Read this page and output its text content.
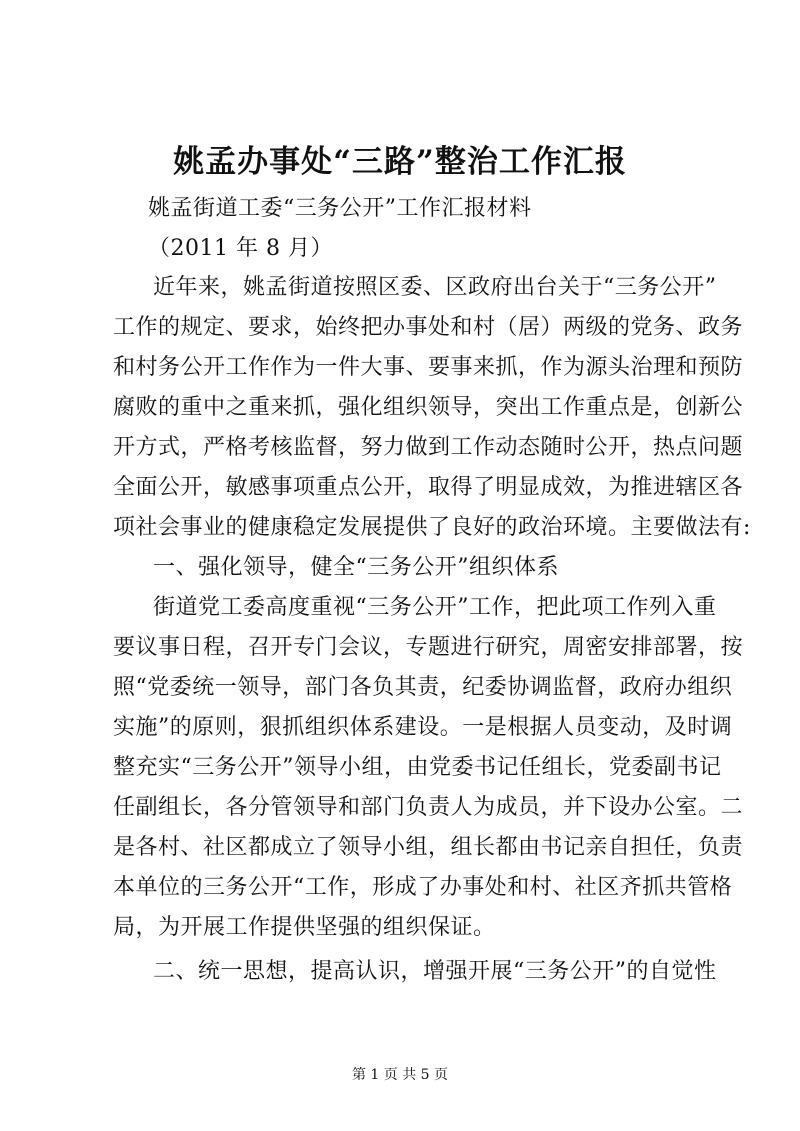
姚孟办事处“三路”整治工作汇报
姚孟街道工委“三务公开”工作汇报材料
（2011 年 8 月）
近年来，姚孟街道按照区委、区政府出台关于“三务公开”
工作的规定、要求，始终把办事处和村（居）两级的党务、政务
和村务公开工作作为一件大事、要事来抓，作为源头治理和预防
腐败的重中之重来抓，强化组织领导，突出工作重点是，创新公
开方式，严格考核监督，努力做到工作动态随时公开，热点问题
全面公开，敏感事项重点公开，取得了明显成效，为推进辖区各
项社会事业的健康稳定发展提供了良好的政治环境。主要做法有:
一、强化领导，健全“三务公开”组织体系
街道党工委高度重视“三务公开”工作，把此项工作列入重
要议事日程，召开专门会议，专题进行研究，周密安排部署，按
照“党委统一领导，部门各负其责，纪委协调监督，政府办组织
实施”的原则，狠抓组织体系建设。一是根据人员变动，及时调
整充实“三务公开”领导小组，由党委书记任组长，党委副书记
任副组长，各分管领导和部门负责人为成员，并下设办公室。二
是各村、社区都成立了领导小组，组长都由书记亲自担任，负责
本单位的三务公开“工作，形成了办事处和村、社区齐抓共管格
局，为开展工作提供坚强的组织保证。
二、统一思想，提高认识，增强开展“三务公开”的自觉性
第 1 页 共 5 页
